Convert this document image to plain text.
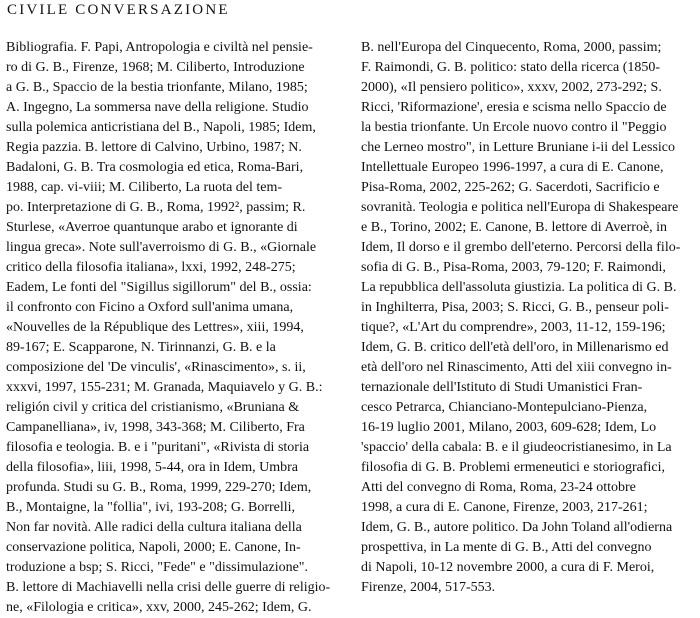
CIVILE CONVERSAZIONE
Bibliografia. F. Papi, Antropologia e civiltà nel pensie-
ro di G. B., Firenze, 1968; M. Ciliberto, Introduzione
a G. B., Spaccio de la bestia trionfante, Milano, 1985;
A. Ingegno, La sommersa nave della religione. Studio
sulla polemica anticristiana del B., Napoli, 1985; Idem,
Regia pazzia. B. lettore di Calvino, Urbino, 1987; N.
Badaloni, G. B. Tra cosmologia ed etica, Roma-Bari,
1988, cap. vi-viii; M. Ciliberto, La ruota del tem-
po. Interpretazione di G. B., Roma, 1992², passim; R.
Sturlese, «Averroe quantunque arabo et ignorante di
lingua greca». Note sull'averroismo di G. B., «Giornale
critico della filosofia italiana», lxxi, 1992, 248-275;
Eadem, Le fonti del "Sigillus sigillorum" del B., ossia:
il confronto con Ficino a Oxford sull'anima umana,
«Nouvelles de la République des Lettres», xiii, 1994,
89-167; E. Scapparone, N. Tirinnanzi, G. B. e la
composizione del 'De vinculis', «Rinascimento», s. ii,
xxxvi, 1997, 155-231; M. Granada, Maquiavelo y G. B.:
religión civil y critica del cristianismo, «Bruniana &
Campanelliana», iv, 1998, 343-368; M. Ciliberto, Fra
filosofia e teologia. B. e i "puritani", «Rivista di storia
della filosofia», liii, 1998, 5-44, ora in Idem, Umbra
profunda. Studi su G. B., Roma, 1999, 229-270; Idem,
B., Montaigne, la "follia", ivi, 193-208; G. Borrelli,
Non far novità. Alle radici della cultura italiana della
conservazione politica, Napoli, 2000; E. Canone, In-
troduzione a bsp; S. Ricci, "Fede" e "dissimulazione".
B. lettore di Machiavelli nella crisi delle guerre di religio-
ne, «Filologia e critica», xxv, 2000, 245-262; Idem, G.
B. nell'Europa del Cinquecento, Roma, 2000, passim;
F. Raimondi, G. B. politico: stato della ricerca (1850-
2000), «Il pensiero politico», xxxv, 2002, 273-292; S.
Ricci, 'Riformazione', eresia e scisma nello Spaccio de
la bestia trionfante. Un Ercole nuovo contro il "Peggio
che Lerneo mostro", in Letture Bruniane i-ii del Lessico
Intellettuale Europeo 1996-1997, a cura di E. Canone,
Pisa-Roma, 2002, 225-262; G. Sacerdoti, Sacrificio e
sovranità. Teologia e politica nell'Europa di Shakespeare
e B., Torino, 2002; E. Canone, B. lettore di Averroè, in
Idem, Il dorso e il grembo dell'eterno. Percorsi della filo-
sofia di G. B., Pisa-Roma, 2003, 79-120; F. Raimondi,
La repubblica dell'assoluta giustizia. La politica di G. B.
in Inghilterra, Pisa, 2003; S. Ricci, G. B., penseur poli-
tique?, «L'Art du comprendre», 2003, 11-12, 159-196;
Idem, G. B. critico dell'età dell'oro, in Millenarismo ed
età dell'oro nel Rinascimento, Atti del xiii convegno in-
ternazionale dell'Istituto di Studi Umanistici Fran-
cesco Petrarca, Chianciano-Montepulciano-Pienza,
16-19 luglio 2001, Milano, 2003, 609-628; Idem, Lo
'spaccio' della cabala: B. e il giudeocristianesimo, in La
filosofia di G. B. Problemi ermeneutici e storiografici,
Atti del convegno di Roma, Roma, 23-24 ottobre
1998, a cura di E. Canone, Firenze, 2003, 217-261;
Idem, G. B., autore politico. Da John Toland all'odierna
prospettiva, in La mente di G. B., Atti del convegno
di Napoli, 10-12 novembre 2000, a cura di F. Meroi,
Firenze, 2004, 517-553.
